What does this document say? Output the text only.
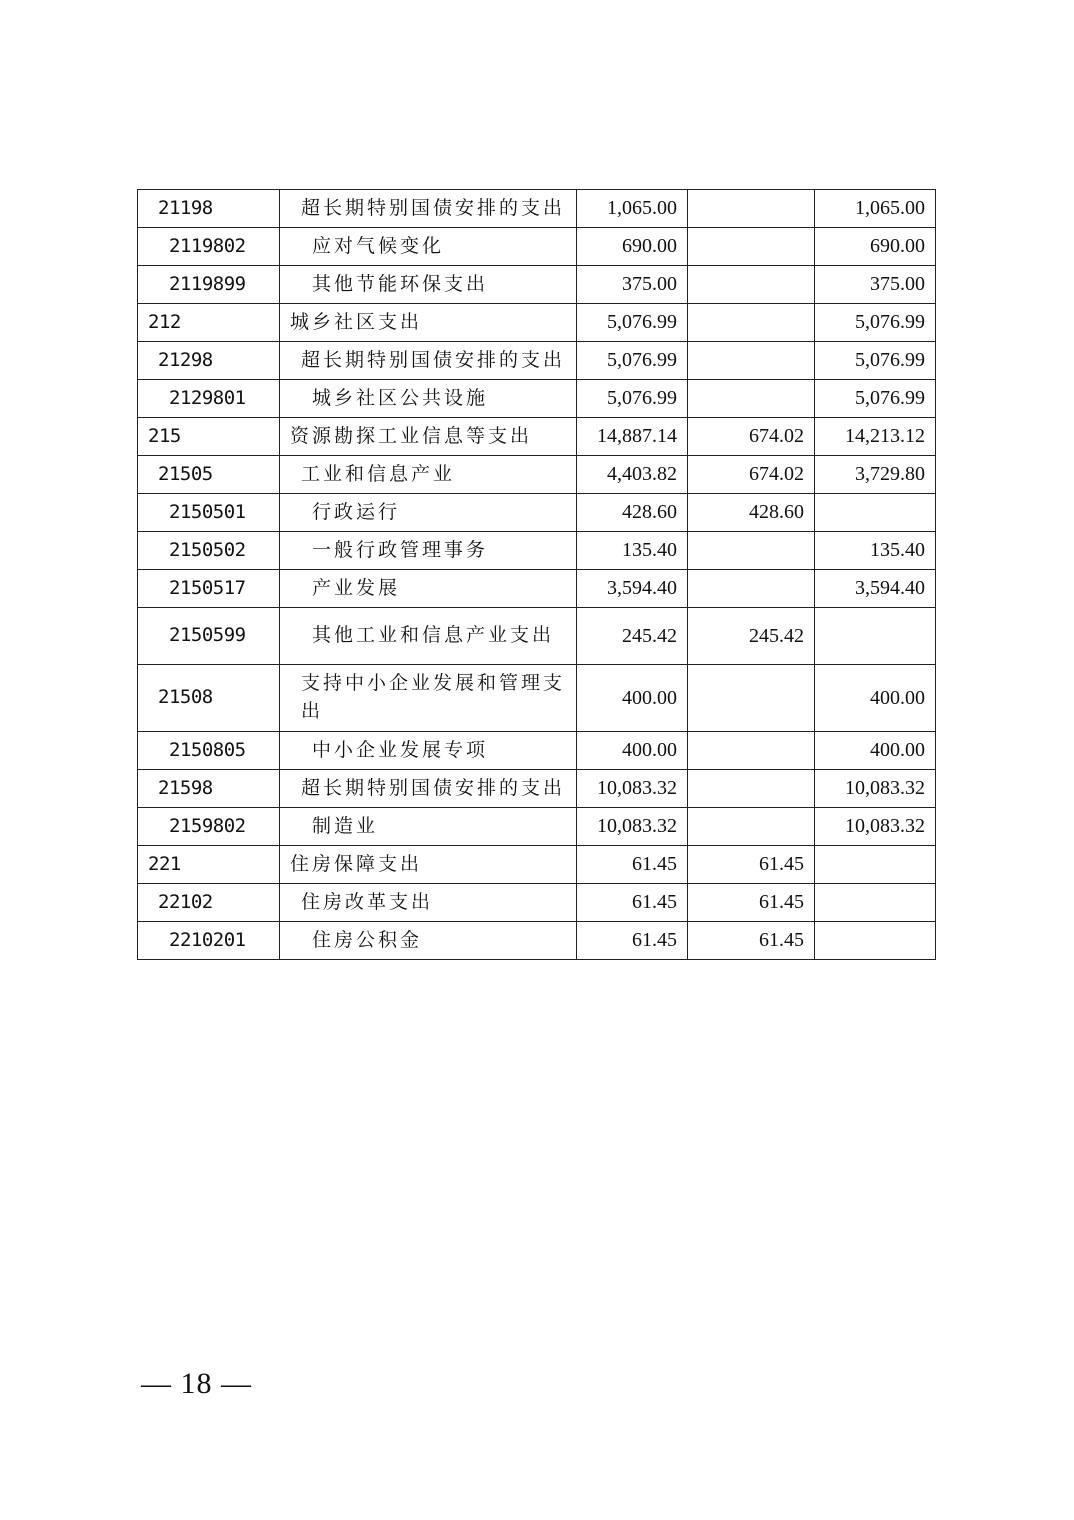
21198	超长期特别国债安排的支出	1,065.00		1,065.00
2119802	应对气候变化	690.00		690.00
2119899	其他节能环保支出	375.00		375.00
212	城乡社区支出	5,076.99		5,076.99
21298	超长期特别国债安排的支出	5,076.99		5,076.99
2129801	城乡社区公共设施	5,076.99		5,076.99
215	资源勘探工业信息等支出	14,887.14	674.02	14,213.12
21505	工业和信息产业	4,403.82	674.02	3,729.80
2150501	行政运行	428.60	428.60	
2150502	一般行政管理事务	135.40		135.40
2150517	产业发展	3,594.40		3,594.40
2150599	其他工业和信息产业支出	245.42	245.42	
21508	支持中小企业发展和管理支出	400.00		400.00
2150805	中小企业发展专项	400.00		400.00
21598	超长期特别国债安排的支出	10,083.32		10,083.32
2159802	制造业	10,083.32		10,083.32
221	住房保障支出	61.45	61.45	
22102	住房改革支出	61.45	61.45	
2210201	住房公积金	61.45	61.45	
— 18 —
